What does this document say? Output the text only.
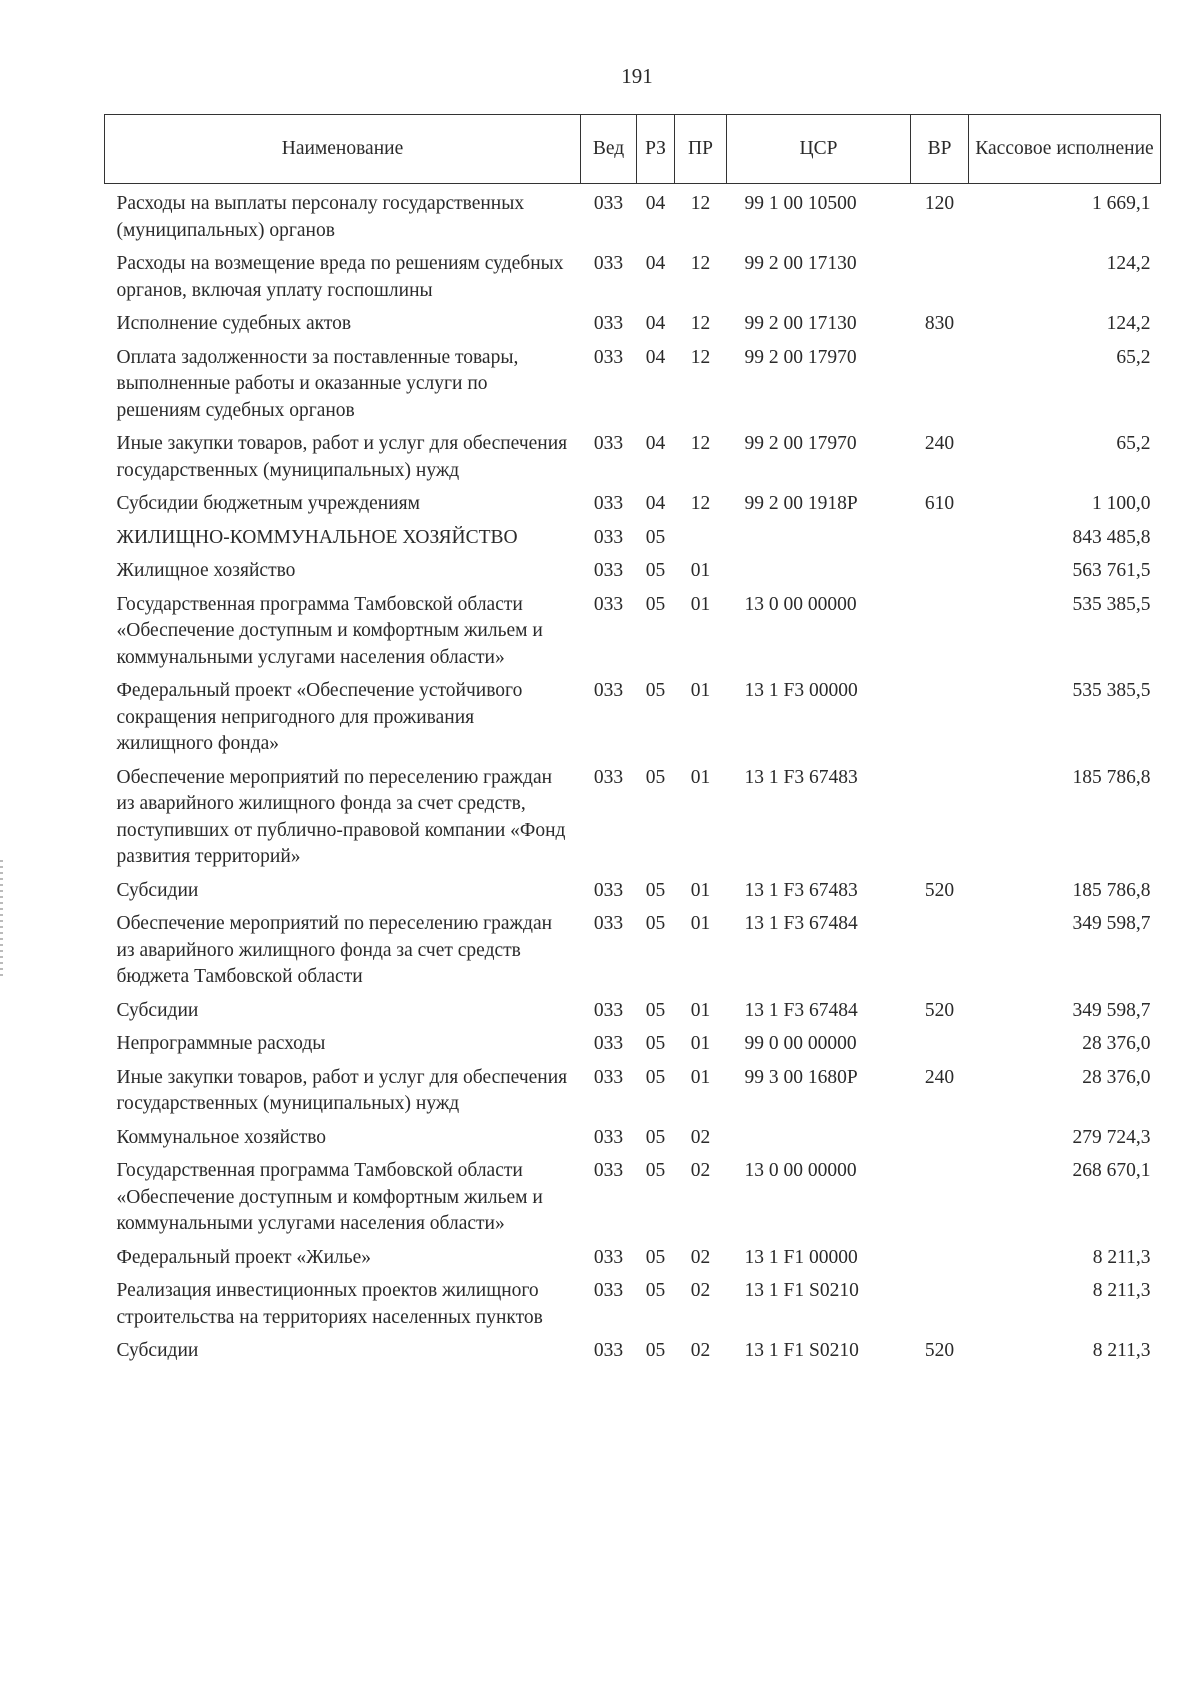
191
Наименование	Вед	РЗ	ПР	ЦСР	ВР	Кассовое исполнение
Расходы на выплаты персоналу государственных (муниципальных) органов	033	04	12	99 1 00 10500	120	1 669,1
Расходы на возмещение вреда по решениям судебных органов, включая уплату госпошлины	033	04	12	99 2 00 17130		124,2
Исполнение судебных актов	033	04	12	99 2 00 17130	830	124,2
Оплата задолженности за поставленные товары, выполненные работы и оказанные услуги по решениям судебных органов	033	04	12	99 2 00 17970		65,2
Иные закупки товаров, работ и услуг для обеспечения государственных (муниципальных) нужд	033	04	12	99 2 00 17970	240	65,2
Субсидии бюджетным учреждениям	033	04	12	99 2 00 1918Р	610	1 100,0
ЖИЛИЩНО-КОММУНАЛЬНОЕ ХОЗЯЙСТВО	033	05				843 485,8
Жилищное хозяйство	033	05	01			563 761,5
Государственная программа Тамбовской области «Обеспечение доступным и комфортным жильем и коммунальными услугами населения области»	033	05	01	13 0 00 00000		535 385,5
Федеральный проект «Обеспечение устойчивого сокращения непригодного для проживания жилищного фонда»	033	05	01	13 1 F3 00000		535 385,5
Обеспечение мероприятий по переселению граждан из аварийного жилищного фонда за счет средств, поступивших от публично-правовой компании «Фонд развития территорий»	033	05	01	13 1 F3 67483		185 786,8
Субсидии	033	05	01	13 1 F3 67483	520	185 786,8
Обеспечение мероприятий по переселению граждан из аварийного жилищного фонда за счет средств бюджета Тамбовской области	033	05	01	13 1 F3 67484		349 598,7
Субсидии	033	05	01	13 1 F3 67484	520	349 598,7
Непрограммные расходы	033	05	01	99 0 00 00000		28 376,0
Иные закупки товаров, работ и услуг для обеспечения государственных (муниципальных) нужд	033	05	01	99 3 00 1680Р	240	28 376,0
Коммунальное хозяйство	033	05	02			279 724,3
Государственная программа Тамбовской области «Обеспечение доступным и комфортным жильем и коммунальными услугами населения области»	033	05	02	13 0 00 00000		268 670,1
Федеральный проект «Жилье»	033	05	02	13 1 F1 00000		8 211,3
Реализация инвестиционных проектов жилищного строительства на территориях населенных пунктов	033	05	02	13 1 F1 S0210		8 211,3
Субсидии	033	05	02	13 1 F1 S0210	520	8 211,3
